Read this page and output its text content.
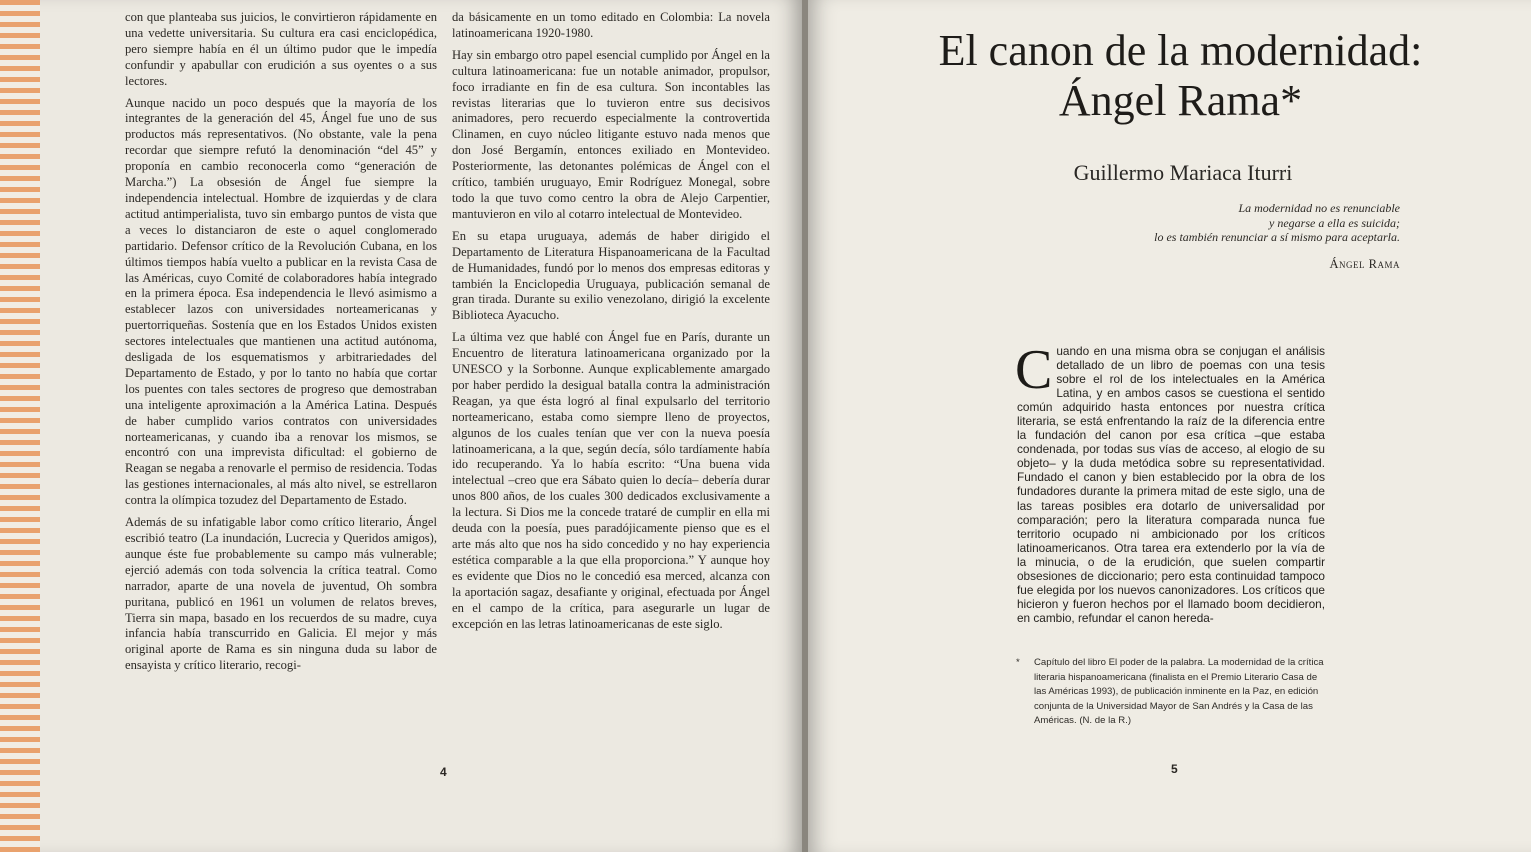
con que planteaba sus juicios, le convirtieron rápidamente en una vedette universitaria. Su cultura era casi enciclopédica, pero siempre había en él un último pudor que le impedía confundir y apabullar con erudición a sus oyentes o a sus lectores.

Aunque nacido un poco después que la mayoría de los integrantes de la generación del 45, Ángel fue uno de sus productos más representativos. (No obstante, vale la pena recordar que siempre refutó la denominación “del 45” y proponía en cambio reconocerla como “generación de Marcha.”) La obsesión de Ángel fue siempre la independencia intelectual. Hombre de izquierdas y de clara actitud antimperialista, tuvo sin embargo puntos de vista que a veces lo distanciaron de este o aquel conglomerado partidario. Defensor crítico de la Revolución Cubana, en los últimos tiempos había vuelto a publicar en la revista Casa de las Américas, cuyo Comité de colaboradores había integrado en la primera época. Esa independencia le llevó asimismo a establecer lazos con universidades norteamericanas y puertorriqueñas. Sostenía que en los Estados Unidos existen sectores intelectuales que mantienen una actitud autónoma, desligada de los esquematismos y arbitrariedades del Departamento de Estado, y por lo tanto no había que cortar los puentes con tales sectores de progreso que demostraban una inteligente aproximación a la América Latina. Después de haber cumplido varios contratos con universidades norteamericanas, y cuando iba a renovar los mismos, se encontró con una imprevista dificultad: el gobierno de Reagan se negaba a renovarle el permiso de residencia. Todas las gestiones internacionales, al más alto nivel, se estrellaron contra la olímpica tozudez del Departamento de Estado.

Además de su infatigable labor como crítico literario, Ángel escribió teatro (La inundación, Lucrecia y Queridos amigos), aunque éste fue probablemente su campo más vulnerable; ejerció además con toda solvencia la crítica teatral. Como narrador, aparte de una novela de juventud, Oh sombra puritana, publicó en 1961 un volumen de relatos breves, Tierra sin mapa, basado en los recuerdos de su madre, cuya infancia había transcurrido en Galicia. El mejor y más original aporte de Rama es sin ninguna duda su labor de ensayista y crítico literario, recogi-

da básicamente en un tomo editado en Colombia: La novela latinoamericana 1920-1980.

Hay sin embargo otro papel esencial cumplido por Ángel en la cultura latinoamericana: fue un notable animador, propulsor, foco irradiante en fin de esa cultura. Son incontables las revistas literarias que lo tuvieron entre sus decisivos animadores, pero recuerdo especialmente la controvertida Clinamen, en cuyo núcleo litigante estuvo nada menos que don José Bergamín, entonces exiliado en Montevideo. Posteriormente, las detonantes polémicas de Ángel con el crítico, también uruguayo, Emir Rodríguez Monegal, sobre todo la que tuvo como centro la obra de Alejo Carpentier, mantuvieron en vilo al cotarro intelectual de Montevideo.

En su etapa uruguaya, además de haber dirigido el Departamento de Literatura Hispanoamericana de la Facultad de Humanidades, fundó por lo menos dos empresas editoras y también la Enciclopedia Uruguaya, publicación semanal de gran tirada. Durante su exilio venezolano, dirigió la excelente Biblioteca Ayacucho.

La última vez que hablé con Ángel fue en París, durante un Encuentro de literatura latinoamericana organizado por la UNESCO y la Sorbonne. Aunque explicablemente amargado por haber perdido la desigual batalla contra la administración Reagan, ya que ésta logró al final expulsarlo del territorio norteamericano, estaba como siempre lleno de proyectos, algunos de los cuales tenían que ver con la nueva poesía latinoamericana, a la que, según decía, sólo tardíamente había ido recuperando. Ya lo había escrito: “Una buena vida intelectual –creo que era Sábato quien lo decía– debería durar unos 800 años, de los cuales 300 dedicados exclusivamente a la lectura. Si Dios me la concede trataré de cumplir en ella mi deuda con la poesía, pues paradójicamente pienso que es el arte más alto que nos ha sido concedido y no hay experiencia estética comparable a la que ella proporciona.” Y aunque hoy es evidente que Dios no le concedió esa merced, alcanza con la aportación sagaz, desafiante y original, efectuada por Ángel en el campo de la crítica, para asegurarle un lugar de excepción en las letras latinoamericanas de este siglo.

4
El canon de la modernidad:
Ángel Rama*
Guillermo Mariaca Iturri
La modernidad no es renunciable
y negarse a ella es suicida;
lo es también renunciar a sí mismo para aceptarla.
Ángel Rama
Cuando en una misma obra se conjugan el análisis detallado de un libro de poemas con una tesis sobre el rol de los intelectuales en la América Latina, y en ambos casos se cuestiona el sentido común adquirido hasta entonces por nuestra crítica literaria, se está enfrentando la raíz de la diferencia entre la fundación del canon por esa crítica –que estaba condenada, por todas sus vías de acceso, al elogio de su objeto– y la duda metódica sobre su representatividad. Fundado el canon y bien establecido por la obra de los fundadores durante la primera mitad de este siglo, una de las tareas posibles era dotarlo de universalidad por comparación; pero la literatura comparada nunca fue territorio ocupado ni ambicionado por los críticos latinoamericanos. Otra tarea era extenderlo por la vía de la minucia, o de la erudición, que suelen compartir obsesiones de diccionario; pero esta continuidad tampoco fue elegida por los nuevos canonizadores. Los críticos que hicieron y fueron hechos por el llamado boom decidieron, en cambio, refundar el canon hereda-
* Capítulo del libro El poder de la palabra. La modernidad de la crítica literaria hispanoamericana (finalista en el Premio Literario Casa de las Américas 1993), de publicación inminente en la Paz, en edición conjunta de la Universidad Mayor de San Andrés y la Casa de las Américas. (N. de la R.)
5
